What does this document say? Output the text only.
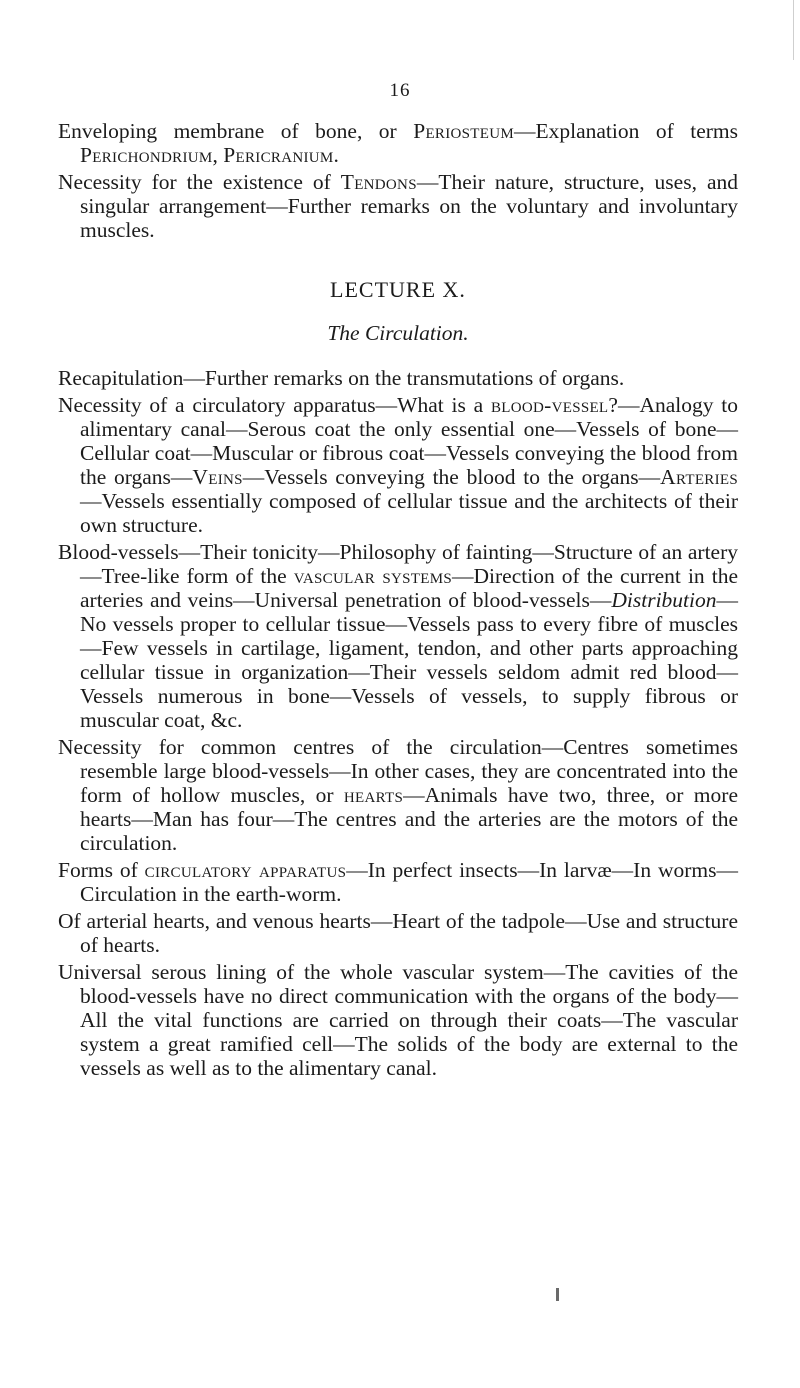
16

Enveloping membrane of bone, or Periosteum—Explanation of terms Perichondrium, Pericranium.

Necessity for the existence of Tendons—Their nature, structure, uses, and singular arrangement—Further remarks on the voluntary and involuntary muscles.

LECTURE X.
The Circulation.

Recapitulation—Further remarks on the transmutations of organs.

Necessity of a circulatory apparatus—What is a blood-vessel?—Analogy to alimentary canal—Serous coat the only essential one—Vessels of bone—Cellular coat—Muscular or fibrous coat—Vessels conveying the blood from the organs—Veins—Vessels conveying the blood to the organs—Arteries—Vessels essentially composed of cellular tissue and the architects of their own structure.

Blood-vessels—Their tonicity—Philosophy of fainting—Structure of an artery—Tree-like form of the vascular systems—Direction of the current in the arteries and veins—Universal penetration of blood-vessels—Distribution—No vessels proper to cellular tissue—Vessels pass to every fibre of muscles—Few vessels in cartilage, ligament, tendon, and other parts approaching cellular tissue in organization—Their vessels seldom admit red blood—Vessels numerous in bone—Vessels of vessels, to supply fibrous or muscular coat, &c.

Necessity for common centres of the circulation—Centres sometimes resemble large blood-vessels—In other cases, they are concentrated into the form of hollow muscles, or hearts—Animals have two, three, or more hearts—Man has four—The centres and the arteries are the motors of the circulation.

Forms of circulatory apparatus—In perfect insects—In larvæ—In worms—Circulation in the earth-worm.

Of arterial hearts, and venous hearts—Heart of the tadpole—Use and structure of hearts.

Universal serous lining of the whole vascular system—The cavities of the blood-vessels have no direct communication with the organs of the body—All the vital functions are carried on through their coats—The vascular system a great ramified cell—The solids of the body are external to the vessels as well as to the alimentary canal.
